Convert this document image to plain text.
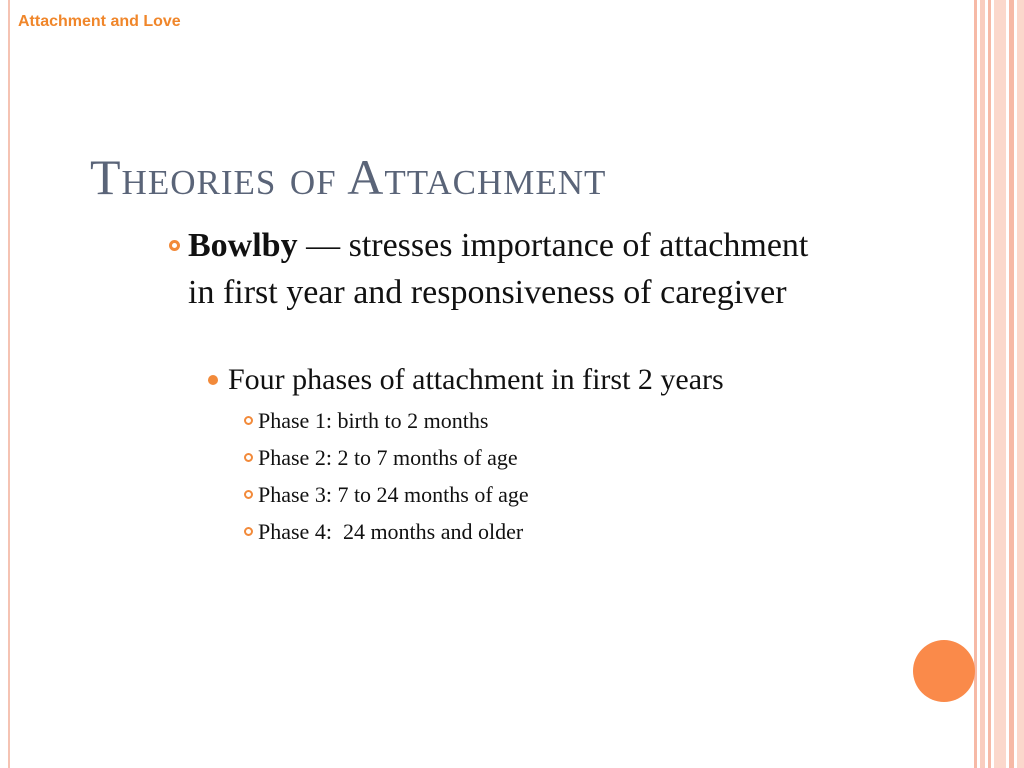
Attachment and Love
Theories of Attachment
Bowlby — stresses importance of attachment in first year and responsiveness of caregiver
Four phases of attachment in first 2 years
Phase 1: birth to 2 months
Phase 2: 2 to 7 months of age
Phase 3: 7 to 24 months of age
Phase 4:  24 months and older
